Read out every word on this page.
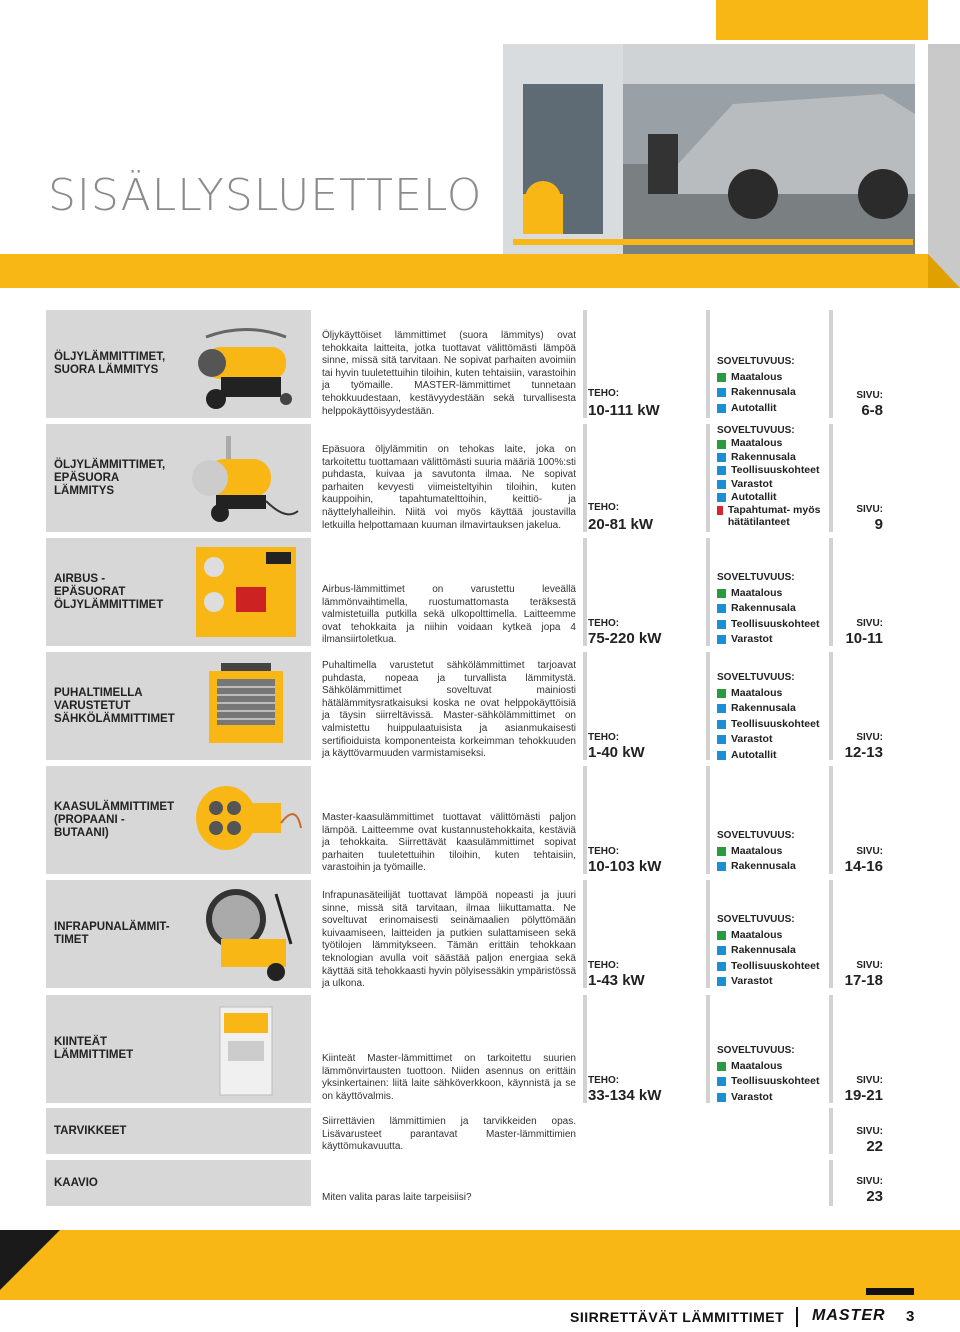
SISÄLLYSLUETTELO
ÖLJYLÄMMITTIMET, SUORA LÄMMITYS
Öljykäyttöiset lämmittimet (suora lämmitys) ovat tehokkaita laitteita, jotka tuottavat välittömästi lämpöä sinne, missä sitä tarvitaan. Ne sopivat parhaiten avoimiin tai hyvin tuuletettuihin tiloihin, kuten tehtaisiin, varastoihin ja työmaille. MASTER-lämmittimet tunnetaan tehokkuudestaan, kestävyydestään sekä turvallisesta helppokäyttöisyydestään.
TEHO:
10-111 kW
SOVELTUVUUS:
Maatalous
Rakennusala
Autotallit
SIVU:
6-8
ÖLJYLÄMMITTIMET, EPÄSUORA LÄMMITYS
Epäsuora öljylämmitin on tehokas laite, joka on tarkoitettu tuottamaan välittömästi suuria määriä 100%:sti puhdasta, kuivaa ja savutonta ilmaa. Ne sopivat parhaiten kevyesti viimeisteltyihin tiloihin, kuten kauppoihin, tapahtumatelttoihin, keittiö- ja näyttelyhalleihin. Niitä voi myös käyttää joustavilla letkuilla helpottamaan kuuman ilmavirtauksen jakelua.
TEHO:
20-81 kW
SOVELTUVUUS:
Maatalous
Rakennusala
Teollisuuskohteet
Varastot
Autotallit
Tapahtumat- myös hätätilanteet
SIVU:
9
AIRBUS - EPÄSUORAT ÖLJYLÄMMITTIMET
Airbus-lämmittimet on varustettu leveällä lämmönvaihtimella, ruostumattomasta teräksestä valmistetuilla putkilla sekä ulkopolttimella. Laitteemme ovat tehokkaita ja niihin voidaan kytkeä jopa 4 ilmansiirtoletkua.
TEHO:
75-220 kW
SOVELTUVUUS:
Maatalous
Rakennusala
Teollisuuskohteet
Varastot
SIVU:
10-11
PUHALTIMELLA VARUSTETUT SÄHKÖLÄMMITTIMET
Puhaltimella varustetut sähkölämmittimet tarjoavat puhdasta, nopeaa ja turvallista lämmitystä. Sähkölämmittimet soveltuvat mainiosti hätälämmitysratkaisuksi koska ne ovat helppokäyttöisiä ja täysin siirreltävissä. Master-sähkölämmittimet on valmistettu huippulaatuisista ja asianmukaisesti sertifioiduista komponenteista korkeimman tehokkuuden ja käyttövarmuuden varmistamiseksi.
TEHO:
1-40 kW
SOVELTUVUUS:
Maatalous
Rakennusala
Teollisuuskohteet
Varastot
Autotallit
SIVU:
12-13
KAASULÄMMITTIMET (PROPAANI -BUTAANI)
Master-kaasulämmittimet tuottavat välittömästi paljon lämpöä. Laitteemme ovat kustannustehokkaita, kestäviä ja tehokkaita. Siirrettävät kaasulämmittimet sopivat parhaiten tuuletettuihin tiloihin, kuten tehtaisiin, varastoihin ja työmaille.
TEHO:
10-103 kW
SOVELTUVUUS:
Maatalous
Rakennusala
SIVU:
14-16
INFRAPUNALÄMMIT- TIMET
Infrapunasäteilijät tuottavat lämpöä nopeasti ja juuri sinne, missä sitä tarvitaan, ilmaa liikuttamatta. Ne soveltuvat erinomaisesti seinämaalien pölyttömään kuivaamiseen, laitteiden ja putkien sulattamiseen sekä työtilojen lämmitykseen. Tämän erittäin tehokkaan teknologian avulla voit säästää paljon energiaa sekä käyttää sitä tehokkaasti hyvin pölyisessäkin ympäristössä ja ulkona.
TEHO:
1-43 kW
SOVELTUVUUS:
Maatalous
Rakennusala
Teollisuuskohteet
Varastot
SIVU:
17-18
KIINTEÄT LÄMMITTIMET	Kiinteät Master-lämmittimet on tarkoitettu suurien lämmönvirtausten tuottoon. Niiden asennus on erittäin yksinkertainen: liitä laite sähköverkkoon, käynnistä ja se on käyttövalmis.
TEHO:
33-134 kW
SOVELTUVUUS:
Maatalous
Teollisuuskohteet
Varastot
SIVU:
19-21
TARVIKKEET
Siirrettävien lämmittimien ja tarvikkeiden opas. Lisävarusteet parantavat Master-lämmittimien käyttömukavuutta.
SIVU:
22
KAAVIO
Miten valita paras laite tarpeisiisi?
SIVU:
23
SIIRRETTÄVÄT LÄMMITTIMET MASTER 3
